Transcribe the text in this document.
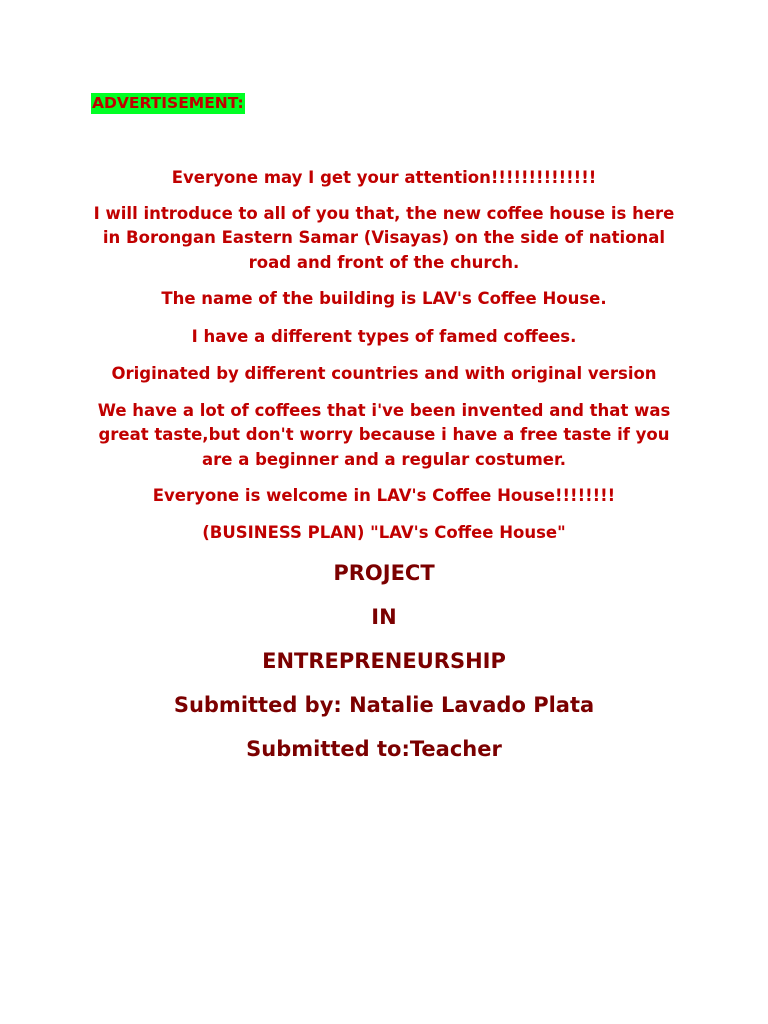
ADVERTISEMENT:
Everyone may I get your attention!!!!!!!!!!!!!!
I will introduce to all of you that, the new coffee house is here in Borongan Eastern Samar (Visayas) on the side of national road and front of the church.
The name of the building is LAV's Coffee House.
I have a different types of famed coffees.
Originated by different countries and with original version
We have a lot of coffees that i've been invented and that was great taste,but don't worry because i have a free taste if you are a beginner and a regular costumer.
Everyone is welcome in LAV's Coffee House!!!!!!!!
(BUSINESS PLAN) "LAV's Coffee House"
PROJECT
IN
ENTREPRENEURSHIP
Submitted by: Natalie Lavado Plata
Submitted to:Teacher
